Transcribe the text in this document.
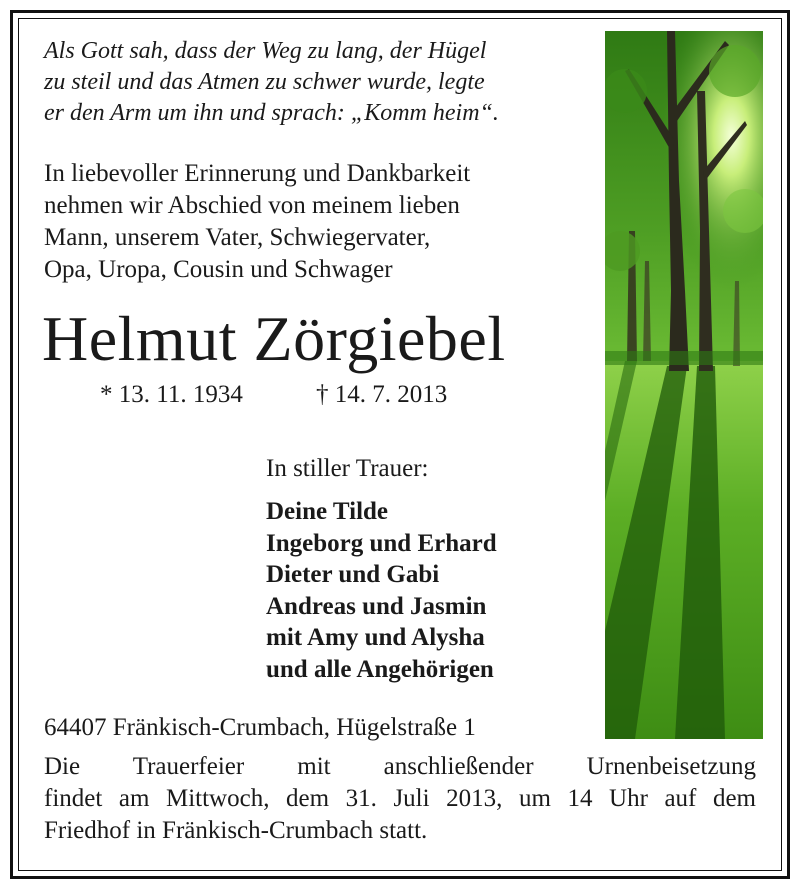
Als Gott sah, dass der Weg zu lang, der Hügel
zu steil und das Atmen zu schwer wurde, legte
er den Arm um ihn und sprach: „Komm heim“.
In liebevoller Erinnerung und Dankbarkeit
nehmen wir Abschied von meinem lieben
Mann, unserem Vater, Schwiegervater,
Opa, Uropa, Cousin und Schwager
Helmut Zörgiebel
* 13. 11. 1934	† 14. 7. 2013
In stiller Trauer:
Deine Tilde
Ingeborg und Erhard
Dieter und Gabi
Andreas und Jasmin
mit Amy und Alysha
und alle Angehörigen
64407 Fränkisch-Crumbach, Hügelstraße 1
Die Trauerfeier mit anschließender Urnenbeisetzung
findet am Mittwoch, dem 31. Juli 2013, um 14 Uhr auf dem
Friedhof in Fränkisch-Crumbach statt.
